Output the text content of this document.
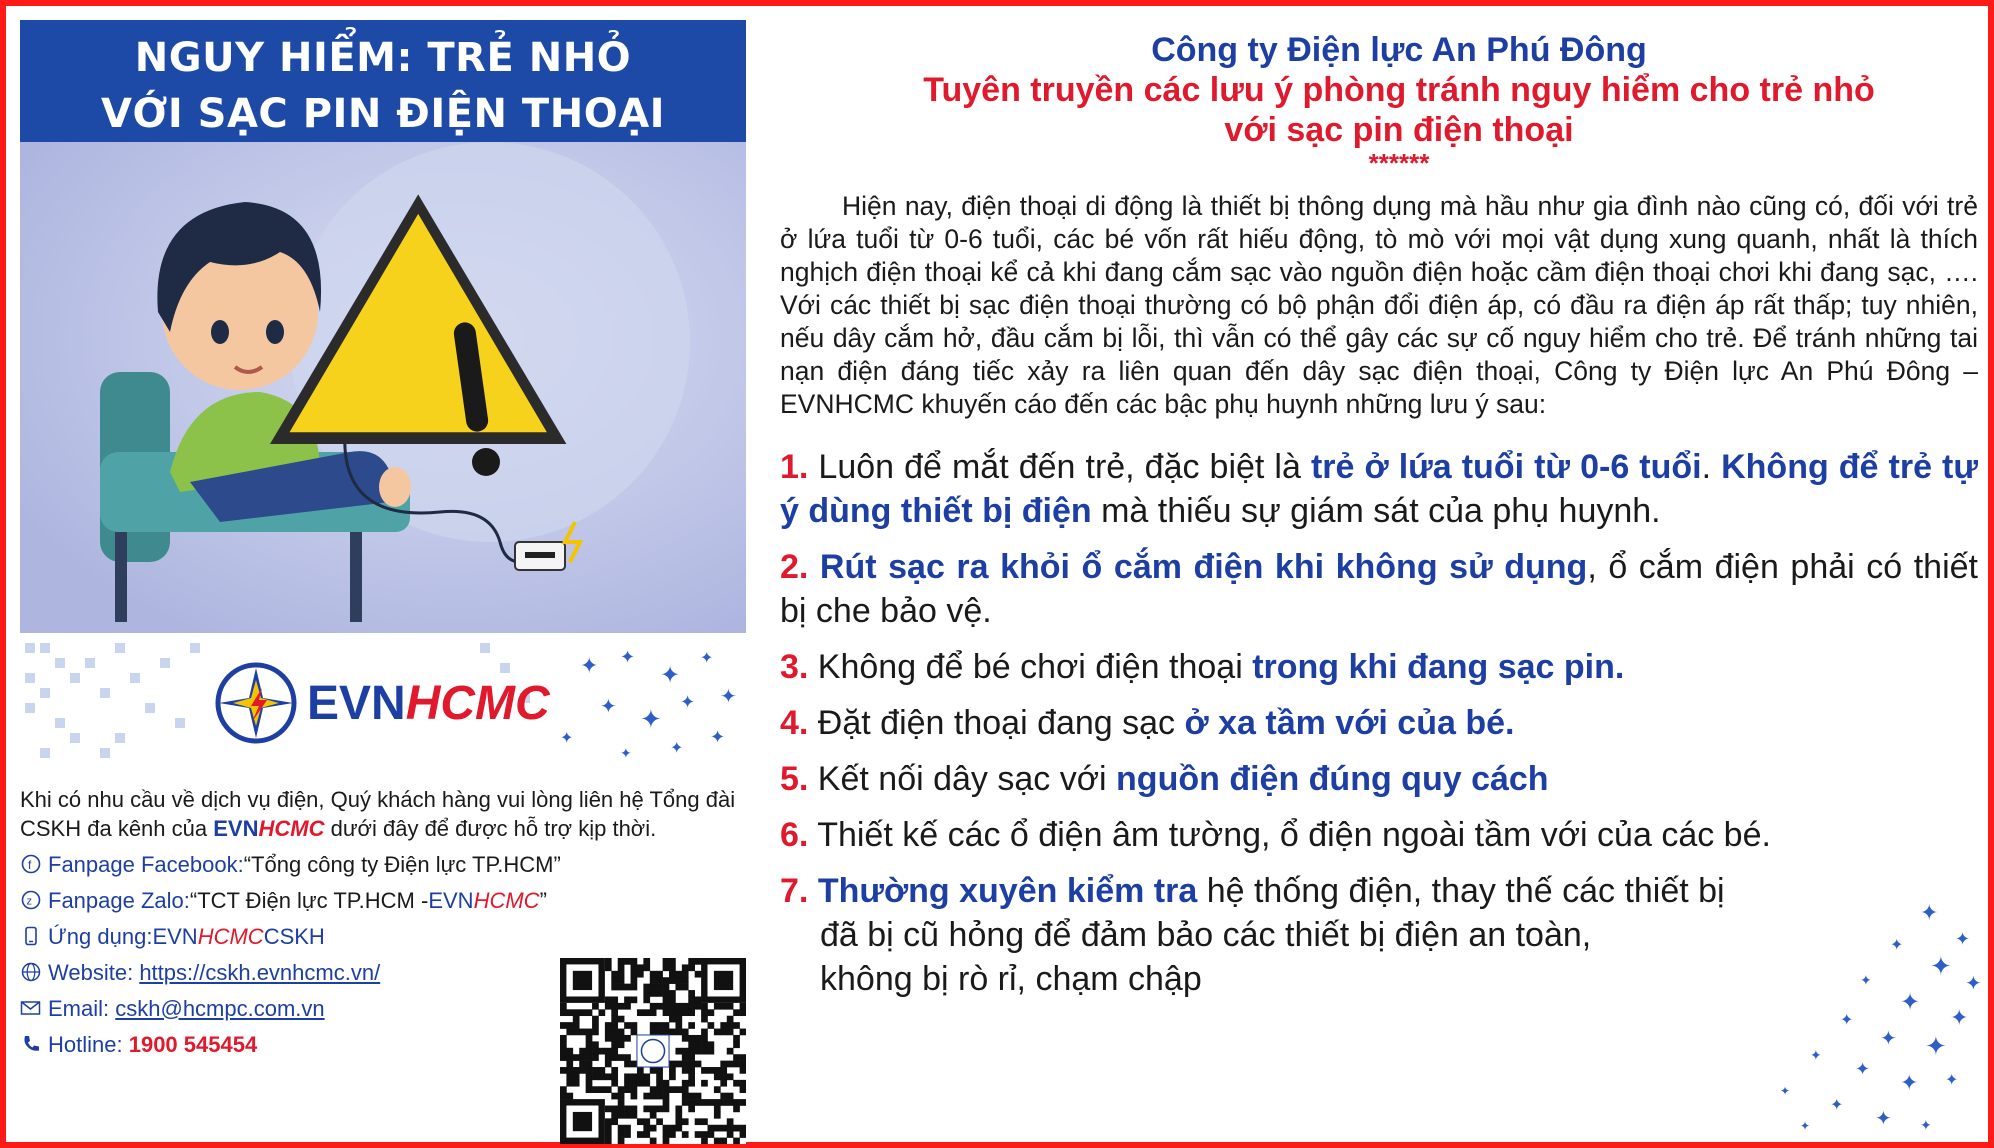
NGUY HIỂM: TRẺ NHỎ
VỚI SẠC PIN ĐIỆN THOẠI
✦ ✦
✦
✦
✦ ✦
✦ ✦
✦
✦
✦
✦
EVNHCMC
Khi có nhu cầu về dịch vụ điện, Quý khách hàng vui lòng liên hệ Tổng đài CSKH đa kênh của EVNHCMC dưới đây để được hỗ trợ kịp thời.
f Fanpage Facebook: “Tổng công ty Điện lực TP.HCM”
z Fanpage Zalo: “TCT Điện lực TP.HCM - EVN HCMC ”
Ứng dụng: EVN HCMC CSKH
Website:
https://cskh.evnhcmc.vn/
Email:
cskh@hcmpc.com.vn
Hotline:
1900 545454
Công ty Điện lực An Phú Đông
Tuyên truyền các lưu ý phòng tránh nguy hiểm cho trẻ nhỏ
với sạc pin điện thoại
******
Hiện nay, điện thoại di động là thiết bị thông dụng mà hầu như gia đình nào cũng có, đối với trẻ ở lứa tuổi từ 0-6 tuổi, các bé vốn rất hiếu động, tò mò với mọi vật dụng xung quanh, nhất là thích nghịch điện thoại kể cả khi đang cắm sạc vào nguồn điện hoặc cầm điện thoại chơi khi đang sạc, …. Với các thiết bị sạc điện thoại thường có bộ phận đổi điện áp, có đầu ra điện áp rất thấp; tuy nhiên, nếu dây cắm hở, đầu cắm bị lỗi, thì vẫn có thể gây các sự cố nguy hiểm cho trẻ. Để tránh những tai nạn điện đáng tiếc xảy ra liên quan đến dây sạc điện thoại, Công ty Điện lực An Phú Đông – EVNHCMC khuyến cáo đến các bậc phụ huynh những lưu ý sau:
1. Luôn để mắt đến trẻ, đặc biệt là trẻ ở lứa tuổi từ 0-6 tuổi. Không để trẻ tự ý dùng thiết bị điện mà thiếu sự giám sát của phụ huynh.
2. Rút sạc ra khỏi ổ cắm điện khi không sử dụng, ổ cắm điện phải có thiết bị che bảo vệ.
3. Không để bé chơi điện thoại trong khi đang sạc pin.
4. Đặt điện thoại đang sạc ở xa tầm với của bé.
5. Kết nối dây sạc với nguồn điện đúng quy cách
6. Thiết kế các ổ điện âm tường, ổ điện ngoài tầm với của các bé.
7. Thường xuyên kiểm tra hệ thống điện, thay thế các thiết bị
đã bị cũ hỏng để đảm bảo các thiết bị điện an toàn,
không bị rò rỉ, chạm chập
✦
✦
✦
✦
✦
✦
✦
✦
✦
✦ ✦
✦
✦
✦ ✦
✦
✦
✦
✦	✦
